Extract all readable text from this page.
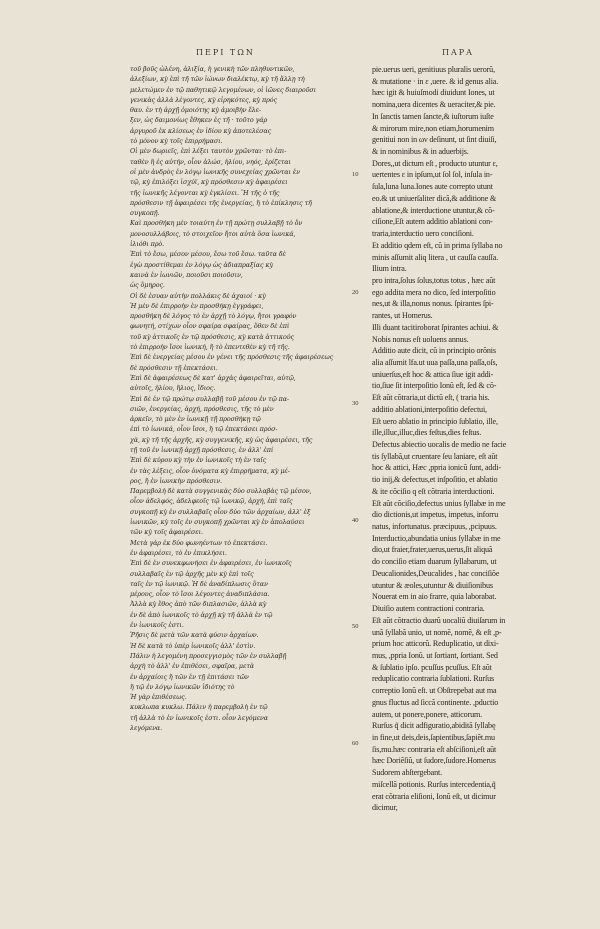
ΠΕΡΙ ΤΩΝ	ΠΑΡΑ
τοῦ βοῦς ὠλένη, ἀλιξία, ἡ γενικὴ τῶν πληθυντικῶν,
ἀλεξίων, κỳ ἐπὶ τῆ τῶν ἰώνων διαλέκτῳ, κỳ τῆ ἄλλῃ τὴ
μελετώμεν ἐν τῷ παθητικῷ λεγομένων, οἱ ἰῶνες διαιροῦσι
γενικὰς ἀλλὰ λέγοντες, κỳ εἰρηκότες, κỳ πρός
θαυ. ἐν τὴ ἀρχῇ ὁμοιότης κỳ ἀμοιβὴν ἔλε-
ξεν, ὡς δαιμονίως ἔθηκεν ἐς τῆ · τοῦτο γάρ
ἀργυροῦ ἐκ κλίσεως ἐν ἰδίου κỳ ἀποτελέσας
τὸ μόνον κỳ τοῖς ἐπιρρήμασι.
Οἱ μὲν δωριεῖς, ἐπὶ λέξει ταυτὸν χρῶνται· τὸ ἐπι-
ταθὲν ἢ ἐς αὐτήν, οἷον ἀλώσ, ἡλίου, νηός, ἐρίζεται
οἱ μὲν ἀνδρὸς ἐν λόγῳ ἰωνικῆς συνεχείας χρῶνται ἐν
τῷ, κỳ ἐπιλόξει ἰσχύϊ, κỳ πρόσθεσιν κỳ ἀφαιρέσει
τῆς ἰωνικῆς λέγονται κỳ ἐγκλίσει. Ἢ τῆς ὁ τῆς
πρόσθεσιν τῇ ἀφαιρέσει τῆς ἐνεργείας, ἢ τὸ ἐπίκλησις τῆ
συγκοπῇ.
Καὶ προσθήκη μὲν τοιαύτη ἐν τῇ πρώτῃ συλλαβῇ τὸ ὄν
μονοσυλλάβοις, τὸ στοιχεῖον ἤτοι αὐτὰ ὅσα ἰωνικά,
ἰλιόθι πρὸ.
Ἐπὶ τὸ ἔσω, μέσον μέσου, ἔσω τοῦ ἔσω. ταῦτα δὲ
ἐγὼ προστίθεμαι ἐν λόγῳ ὡς ἀδιαπραξίας κỳ
καινὰ ἐν ἰωνιῶν, ποιοῦσι ποιοῦσιν,
ὡς ὅμηρος.
Οἱ δὲ ἐσυαν αὐτὴν πολλάκις δὲ ἀχαιοί · κỳ
Ἡ μὲν δὲ ἐπιρροὴν ἐν προσθήκῃ ἐγγράφει,
προσθήκη δὲ λόγος τὸ ἐν ἀρχῇ τὸ λόγῳ, ἤτοι γραφόν
φωνητή, στίχων οἷον σφαίρα σφαίρας, ὅθεν δὲ ἐπὶ
τοῦ κỳ ἀττικοῖς ἐν τῷ πρόσθεσις, κỳ κατὰ ἀττικούς
τὸ ἐπιρροὴν ἴσοι ἰωνική, ἢ τὸ ἐπεντεθὲν κỳ τῆ τῆς.
Ἐπὶ δὲ ἐνεργείας μέσου ἐν γένει τῆς πρόσθεσις τῆς ἀφαιρέσεως
δὲ πρόσθεσιν τῇ ἐπεκτάσει.
Ἐπὶ δὲ ἀφαιρέσεως δὲ κατ' ἀρχὰς ἀφαιρεῖται, αὐτῷ,
αὐτοῖς, ἡλίου, ἥλιος, ἴδιος.
Ἐπὶ δὲ ἐν τῷ πρώτῳ συλλαβῇ τοῦ μέσου ἐν τῷ πα-
σιῶν, ἐνεργείας, ἀρχή, πρόσθεσις, τῆς τὸ μὲν
ἀρκεῖν, τὸ μὲν ἐν ἰωνικῇ τῇ προσθήκῃ τῷ
ἐπὶ τὸ ἰωνικά, οἷον ἴσοι, ἢ τῷ ἐπεκτάσει πρόσ-
χὰ, κỳ τῆ τῆς ἀρχῆς, κỳ συγγενικῆς, κỳ ὡς ἀφαιρέσει, τῆς
τῇ τοῦ ἐν ἰωνικῇ ἀρχῇ πρόσθεσις, ἐν ἀλλ' ἐπί
Ἐπὶ δὲ κύρου κỳ τὴν ἐν ἰωνικοῖς τὴ ἐν ταῖς
ἐν τὰς λέξεις, οἷον ὀνόματα κỳ ἐπιρρήματα, κỳ μέ-
ρος, ἢ ἐν ἰωνικὴν πρόσθεσιν.
Παρεμβολὴ δὲ κατὰ συγγενικὰς δύο συλλαβὰς τῷ μέσον,
οἷον ἀδελφός, ἀδελφεοῖς τῷ ἰωνικῷ, ἀρχή, ἐπὶ ταῖς
συγκοπῇ κỳ ἐν συλλαβαῖς οἷον δύο τῶν ἀρχαίων, ἀλλ' ἐξ
ἰωνικῶν, κỳ τοῖς ἐν συγκοπῇ χρῶνται κỳ ἐν ἀπολαύσει
τῶν κỳ τοῖς ἀφαιρέσει.
Μετὰ γὰρ ἐκ δύο φωνηέντων τὸ ἐπεκτάσει.
ἐν ἀφαιρέσει, τὸ ἐν ἐπικλήσει.
Ἐπὶ δὲ ἐν συνεκφωνήσει ἐν ἀφαιρέσει, ἐν ἰωνικοῖς
συλλαβαῖς ἐν τῷ ἀρχῆς μὲν κỳ ἐπὶ τοῖς
ταῖς ἐν τῷ ἰωνικῷ. Ἡ δὲ ἀναδίπλωσις ὅταν
μέρους, οἷον τὸ ἴσοι λέγοντες ἀναδιπλάσια.
Ἀλλὰ κỳ ἔθος ἀπὸ τῶν διπλασιῶν, ἀλλὰ κỳ
ἐν δὲ ἀπὸ ἰωνικοῖς τὸ ἀρχῇ κỳ τῆ ἀλλὰ ἐν τῷ
ἐν ἰωνικοῖς ἐστι.
Ῥῆσις δὲ μετὰ τῶν κατὰ φύσιν ἀρχαίων.
Ἡ δὲ κατὰ τὸ ὑπὲρ ἰωνικοῖς ἀλλ' ἐστὶν.
Πάλιν ἡ λεγομένη προσεγγισμὸς τῶν ἐν συλλαβῇ
ἀρχὴ τὸ ἀλλ' ἐν ἐπιθέσει, σφαῖρα, μετὰ
ἐν ἀρχαίοις ἢ τῶν ἐν τῇ ἐπιτάσει τῶν
ἢ τῷ ἐν λόγῳ ἰωνικῶν ἰδιότης τὸ
Ἡ γὰρ ἐπιθέσεως.
κυκλωπα κυκλω. Πάλιν ἡ παρεμβολὴ ἐν τῷ
τῆ ἀλλὰ τὸ ἐν ἰωνικοῖς ἐστι. οἷον λεγόμενα
λεγόμενα.
10
20
30
40
50
60
pie.uerus ueri, genitiuus pluralis uerorũ,
& mutatione · in ε ,uere. & id genus alia.
hæc igit & huiuſmodi diuidunt Iones, ut
nomina,uera dicentes & ueraciter,& pie.
In ſanctis tamen ſancte,& iuſtorum iuſte
& mirorum mire,non etiam,horumenim
genitiui non in ων deſinunt, ut ſint diuiſi,
& in nominibus & in aduerbijs.
Dores,,ut dictum eſt , producto utuntur ε,
uertentes ε in ipſum,ut ſol ſol, inſula in-
ſula,luna luna.Iones aute correpto utunt
eo.& ut uniuerſaliter dicã,& additione &
ablatione,& interductione utuntur,& cõ-
ciſione,Eſt autem additio ablationi con-
traria,interductio uero conciſioni.
Et additio qdem eſt, cũ in prima ſyllaba no
minis aſſumit aliq litera , ut cauſſa cauſſa.
Ilium intra.
pro intra,ſolus ſolus,totus totus , hæc aũt
ego addita mera no dico, ſed interpoſitio
nes,ut & illa,nonus nonus. ſpirantes ſpi-
rantes, ut Homerus.
Illi duant tacitiroborat ſpirantes achiui. &
Nobis nonus eſt uoluens annus.
Additio aute dicit, cũ in principio orõnis
alia aſſumit lfa.ut uua paſſa,una paſſa,oſs,
uniuerſus,eſt hoc & attica ſiue igit addi-
tio,ſiue ſit interpoſitio Ionũ eſt, ſed & cõ-
Eſt aũt cõtraria,ut dictũ eſt, ( traria his.
additio ablationi,interpoſitio defectui,
Eſt uero ablatio in principio ſublatio, ille,
ille,illuc,illuc,dies feſtus,dies feſtus.
Defectus abiectio uocalis de medio ne facie
tis ſyllabã,ut cruentare ſeu laniare, eſt aũt
hoc & attici, Hæc ,ppria ionicũ ſunt, addi-
tio inij,& defectus,et inſpoſitio, et ablatio
& ite cõciſio q eſt cõtraria interductioni.
Eſt aũt cõciſio,defectus unius ſyllabæ in me
dio dictionis,ut impetus, impetus, inforru
natus, infortunatus. præcipuus, ,pcipuus.
Interductio,abundatia unius ſyllabæ in me
dio,ut fraier,frater,uerus,uerus,ſit aliquã
do conciſio etiam duarum ſyllabarum, ut
Deucalionides,Deucalides , hac conciſiõe
utuntur & æoles,utuntur & diuiſionibus
Nouerat em in aio frarre, quia laborabat.
Diuiſio autem contractioni contraria.
Eſt aũt cõtractio duarũ uocaliũ diuiſarum in
unã ſyllabã unio, ut nomẽ, nomẽ, & eſt ,p-
prium hoc atticorũ. Reduplicatio, ut dixi-
mus, ,ppria Ionũ. ut ſortiant, ſortiant. Sed
& ſublatio ipſo. pcuſſus pcuſſus. Eſt aũt
reduplicatio contraria ſublationi. Rurſus
correptio Ionũ eſt. ut Obſtrepebat aut ma
gnus fluctus ad ſiccã continente. ,pductio
autem, ut ponere,ponere, atticorum.
Rurſus q̃ dicit adfiguratio,abiditã ſyllabę
in fine,ut deis,deis,ſapientibus,ſapiẽt.mu
ſis,mu.hæc contraria eſt abſciſioni,eſt aũt
hæc Doriẽſiũ, ut ſudore,ſudore.Homerus
Sudorem abſtergebant.
miſcellã potionis. Rurſus intercedentia,q̃
erat cõtraria eliſioni, Ionũ eſt, ut dicimur
dicimur,
